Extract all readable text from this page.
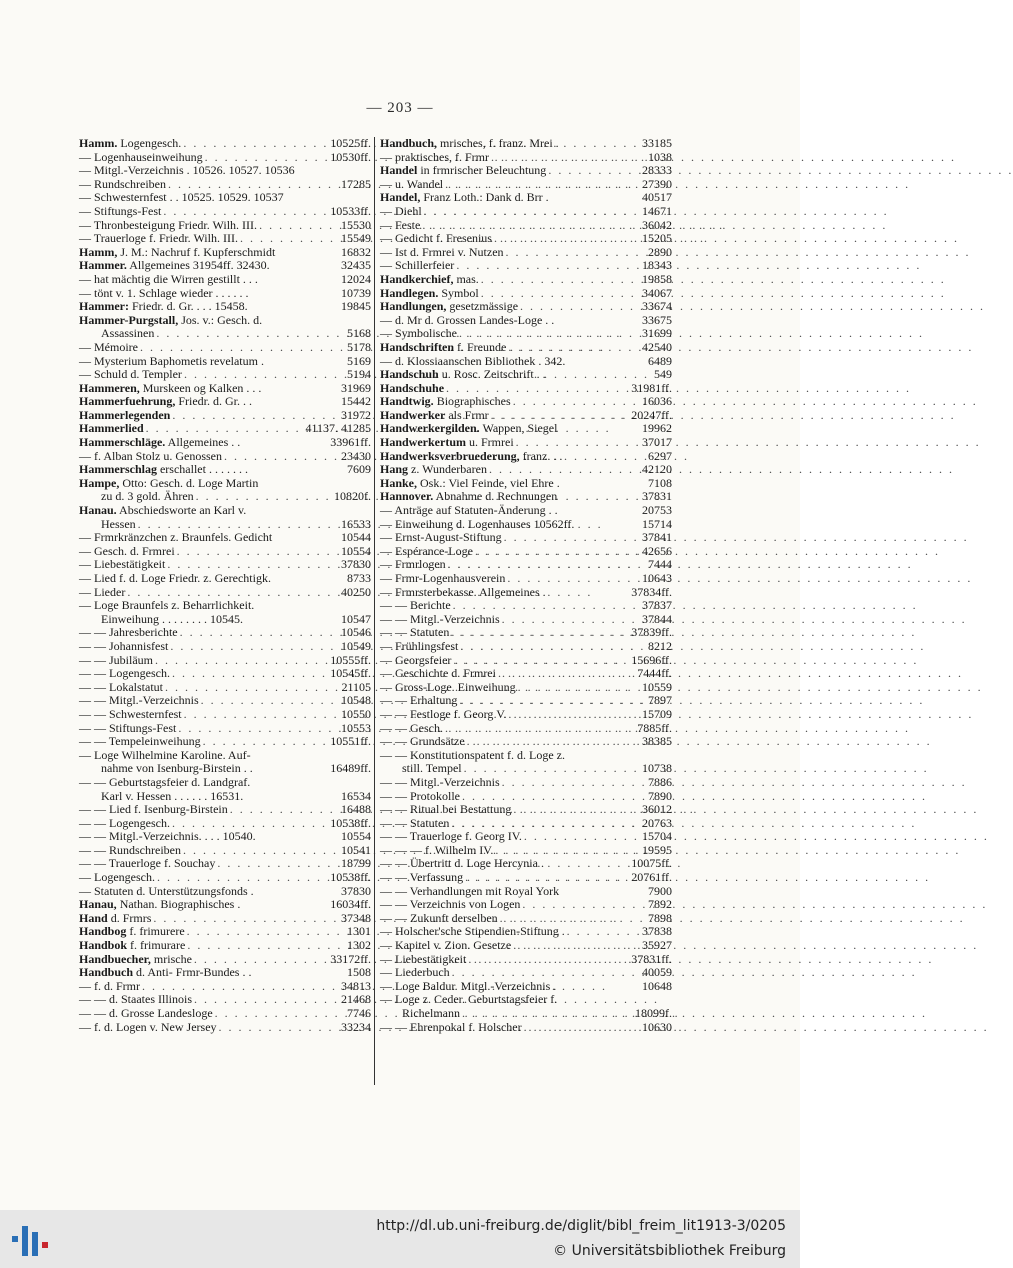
— 203 —
Hamm. Logengesch. . . .	10525ff.
— Logenhauseinweihung . . .	10530ff.
— Mitgl.-Verzeichnis . 10526. 10527. 10536
— Rundschreiben . . .	17285
— Schwesternfest . . 10525. 10529. 10537
— Stiftungs-Fest . . .	10533ff.
— Thronbesteigung Friedr. Wilh. III. . . .	15530
— Trauerloge f. Friedr. Wilh. III. . . .	15549
Hamm, J. M.: Nachruf f. Kupferschmidt	16832
Hammer. Allgemeines 31954ff. 32430.	32435
— hat mächtig die Wirren gestillt . . .	12024
— tönt v. 1. Schlage wieder . . . . . .	10739
Hammer: Friedr. d. Gr. . . . 15458.	19845
Hammer-Purgstall, Jos. v.: Gesch. d.
Assassinen . . .	5168
— Mémoire . . .	5178
— Mysterium Baphometis revelatum .	5169
— Schuld d. Templer . . .	5194
Hammeren, Murskeen og Kalken . . .	31969
Hammerfuehrung, Friedr. d. Gr. . .	15442
Hammerlegenden . . .	31972
Hammerlied . . .	41137. 41285
Hammerschläge. Allgemeines . .	33961ff.
— f. Alban Stolz u. Genossen . . .	23430
Hammerschlag erschallet . . . . . . .	7609
Hampe, Otto: Gesch. d. Loge Martin
zu d. 3 gold. Ähren . . .	10820f.
Hanau. Abschiedsworte an Karl v.
Hessen . . .	16533
— Frmrkränzchen z. Braunfels. Gedicht	10544
— Gesch. d. Frmrei . . .	10554
— Liebestätigkeit . . .	37830
— Lied f. d. Loge Friedr. z. Gerechtigk.	8733
— Lieder . . .	40250
— Loge Braunfels z. Beharrlichkeit.
Einweihung . . . . . . . . 10545.	10547
— — Jahresberichte . . .	10546
— — Johannisfest . . .	10549
— — Jubiläum . . .	10555ff.
— — Logengesch. . . .	10545ff.
— — Lokalstatut . . .	21105
— — Mitgl.-Verzeichnis . . .	10548
— — Schwesternfest . . .	10550
— — Stiftungs-Fest . . .	10553
— — Tempeleinweihung . . .	10551ff.
— Loge Wilhelmine Karoline. Auf-
nahme von Isenburg-Birstein . .	16489ff.
— — Geburtstagsfeier d. Landgraf.
Karl v. Hessen . . . . . . 16531.	16534
— — Lied f. Isenburg-Birstein . . .	16488
— — Logengesch. . . .	10538ff.
— — Mitgl.-Verzeichnis. . . . 10540.	10554
— — Rundschreiben . . .	10541
— — Trauerloge f. Souchay . . .	18799
— Logengesch. . . .	10538ff.
— Statuten d. Unterstützungsfonds .	37830
Hanau, Nathan. Biographisches .	16034ff.
Hand d. Frmrs . . .	37348
Handbog f. frimurere . . .	1301
Handbok f. frimurare . . .	1302
Handbuecher, mrische . . .	33172ff.
Handbuch d. Anti- Frmr-Bundes . .	1508
— f. d. Frmr . . .	34813
— — d. Staates Illinois . . .	21468
— — d. Grosse Landesloge . . .	7746
— f. d. Logen v. New Jersey . . .	33234
Handbuch, mrisches, f. franz. Mrei .	33185
— praktisches, f. Frmr . . .	1038
Handel in frmrischer Beleuchtung . . .	28333
— u. Wandel . . .	27390
Handel, Franz Loth.: Dank d. Brr .	40517
— Diehl . . .	14671
— Feste . . .	36042
— Gedicht f. Fresenius . . .	15205
— Ist d. Frmrei v. Nutzen . . .	2890
— Schillerfeier . . .	18343
Handkerchief, mas. . . .	19858
Handlegen. Symbol . . .	34067
Handlungen, gesetzmässige . . .	33674
— d. Mr d. Grossen Landes-Loge . .	33675
— Symbolische . . .	31699
Handschriften f. Freunde . . .	42540
— d. Klossiaanschen Bibliothek . 342.	6489
Handschuh u. Rosc. Zeitschrift . .	549
Handschuhe . . .	31981ff.
Handtwig. Biographisches . . .	16036
Handwerker als Frmr . . .	20247ff.
Handwerkergilden. Wappen, Siegel	19962
Handwerkertum u. Frmrei . . .	37017
Handwerksverbruederung, franz. . .	6297
Hang z. Wunderbaren . . .	42120
Hanke, Osk.: Viel Feinde, viel Ehre .	7108
Hannover. Abnahme d. Rechnungen	37831
— Anträge auf Statuten-Änderung . .	20753
— Einweihung d. Logenhauses 10562ff.	15714
— Ernst-August-Stiftung . . .	37841
— Espérance-Loge . . .	42656
— Frmrlogen . . .	7444
— Frmr-Logenhausverein . . .	10643
— Frmrsterbekasse. Allgemeines .	37834ff.
— — Berichte . . .	37837
— — Mitgl.-Verzeichnis . . .	37844
— — Statuten . . .	37839ff.
— Frühlingsfest . . .	8212
— Georgsfeier . . .	15696ff.
— Geschichte d. Frmrei . . .	7444ff.
— Gross-Loge. Einweihung . . .	10559
— — Erhaltung . . .	7897
— — Festloge f. Georg V. . . .	15709
— — Gesch. . . .	7885ff.
— — Grundsätze . . .	38385
— — Konstitutionspatent f. d. Loge z.
still. Tempel . . .	10738
— — Mitgl.-Verzeichnis . . .	7886
— — Protokolle . . .	7890
— — Ritual bei Bestattung . . .	36012
— — Statuten . . .	20763
— — Trauerloge f. Georg IV. . . .	15704
— — — f. Wilhelm IV. . . .	19595
— — Übertritt d. Loge Hercynia .	10075ff.
— — Verfassung . . .	20761ff.
— — Verhandlungen mit Royal York	7900
— — Verzeichnis von Logen . . .	7892
— — Zukunft derselben . . .	7898
— Holscher'sche Stipendien-Stiftung .	37838
— Kapitel v. Zion. Gesetze . . .	35927
— Liebestätigkeit . . .	37831ff.
— Liederbuch . . .	40059
— Loge Baldur. Mitgl.-Verzeichnis .	10648
— Loge z. Ceder. Geburtstagsfeier f.
Richelmann . . .	18099f.
— — Ehrenpokal f. Holscher . . .	10630
http://dl.ub.uni-freiburg.de/diglit/bibl_freim_lit1913-3/0205
© Universitätsbibliothek Freiburg
